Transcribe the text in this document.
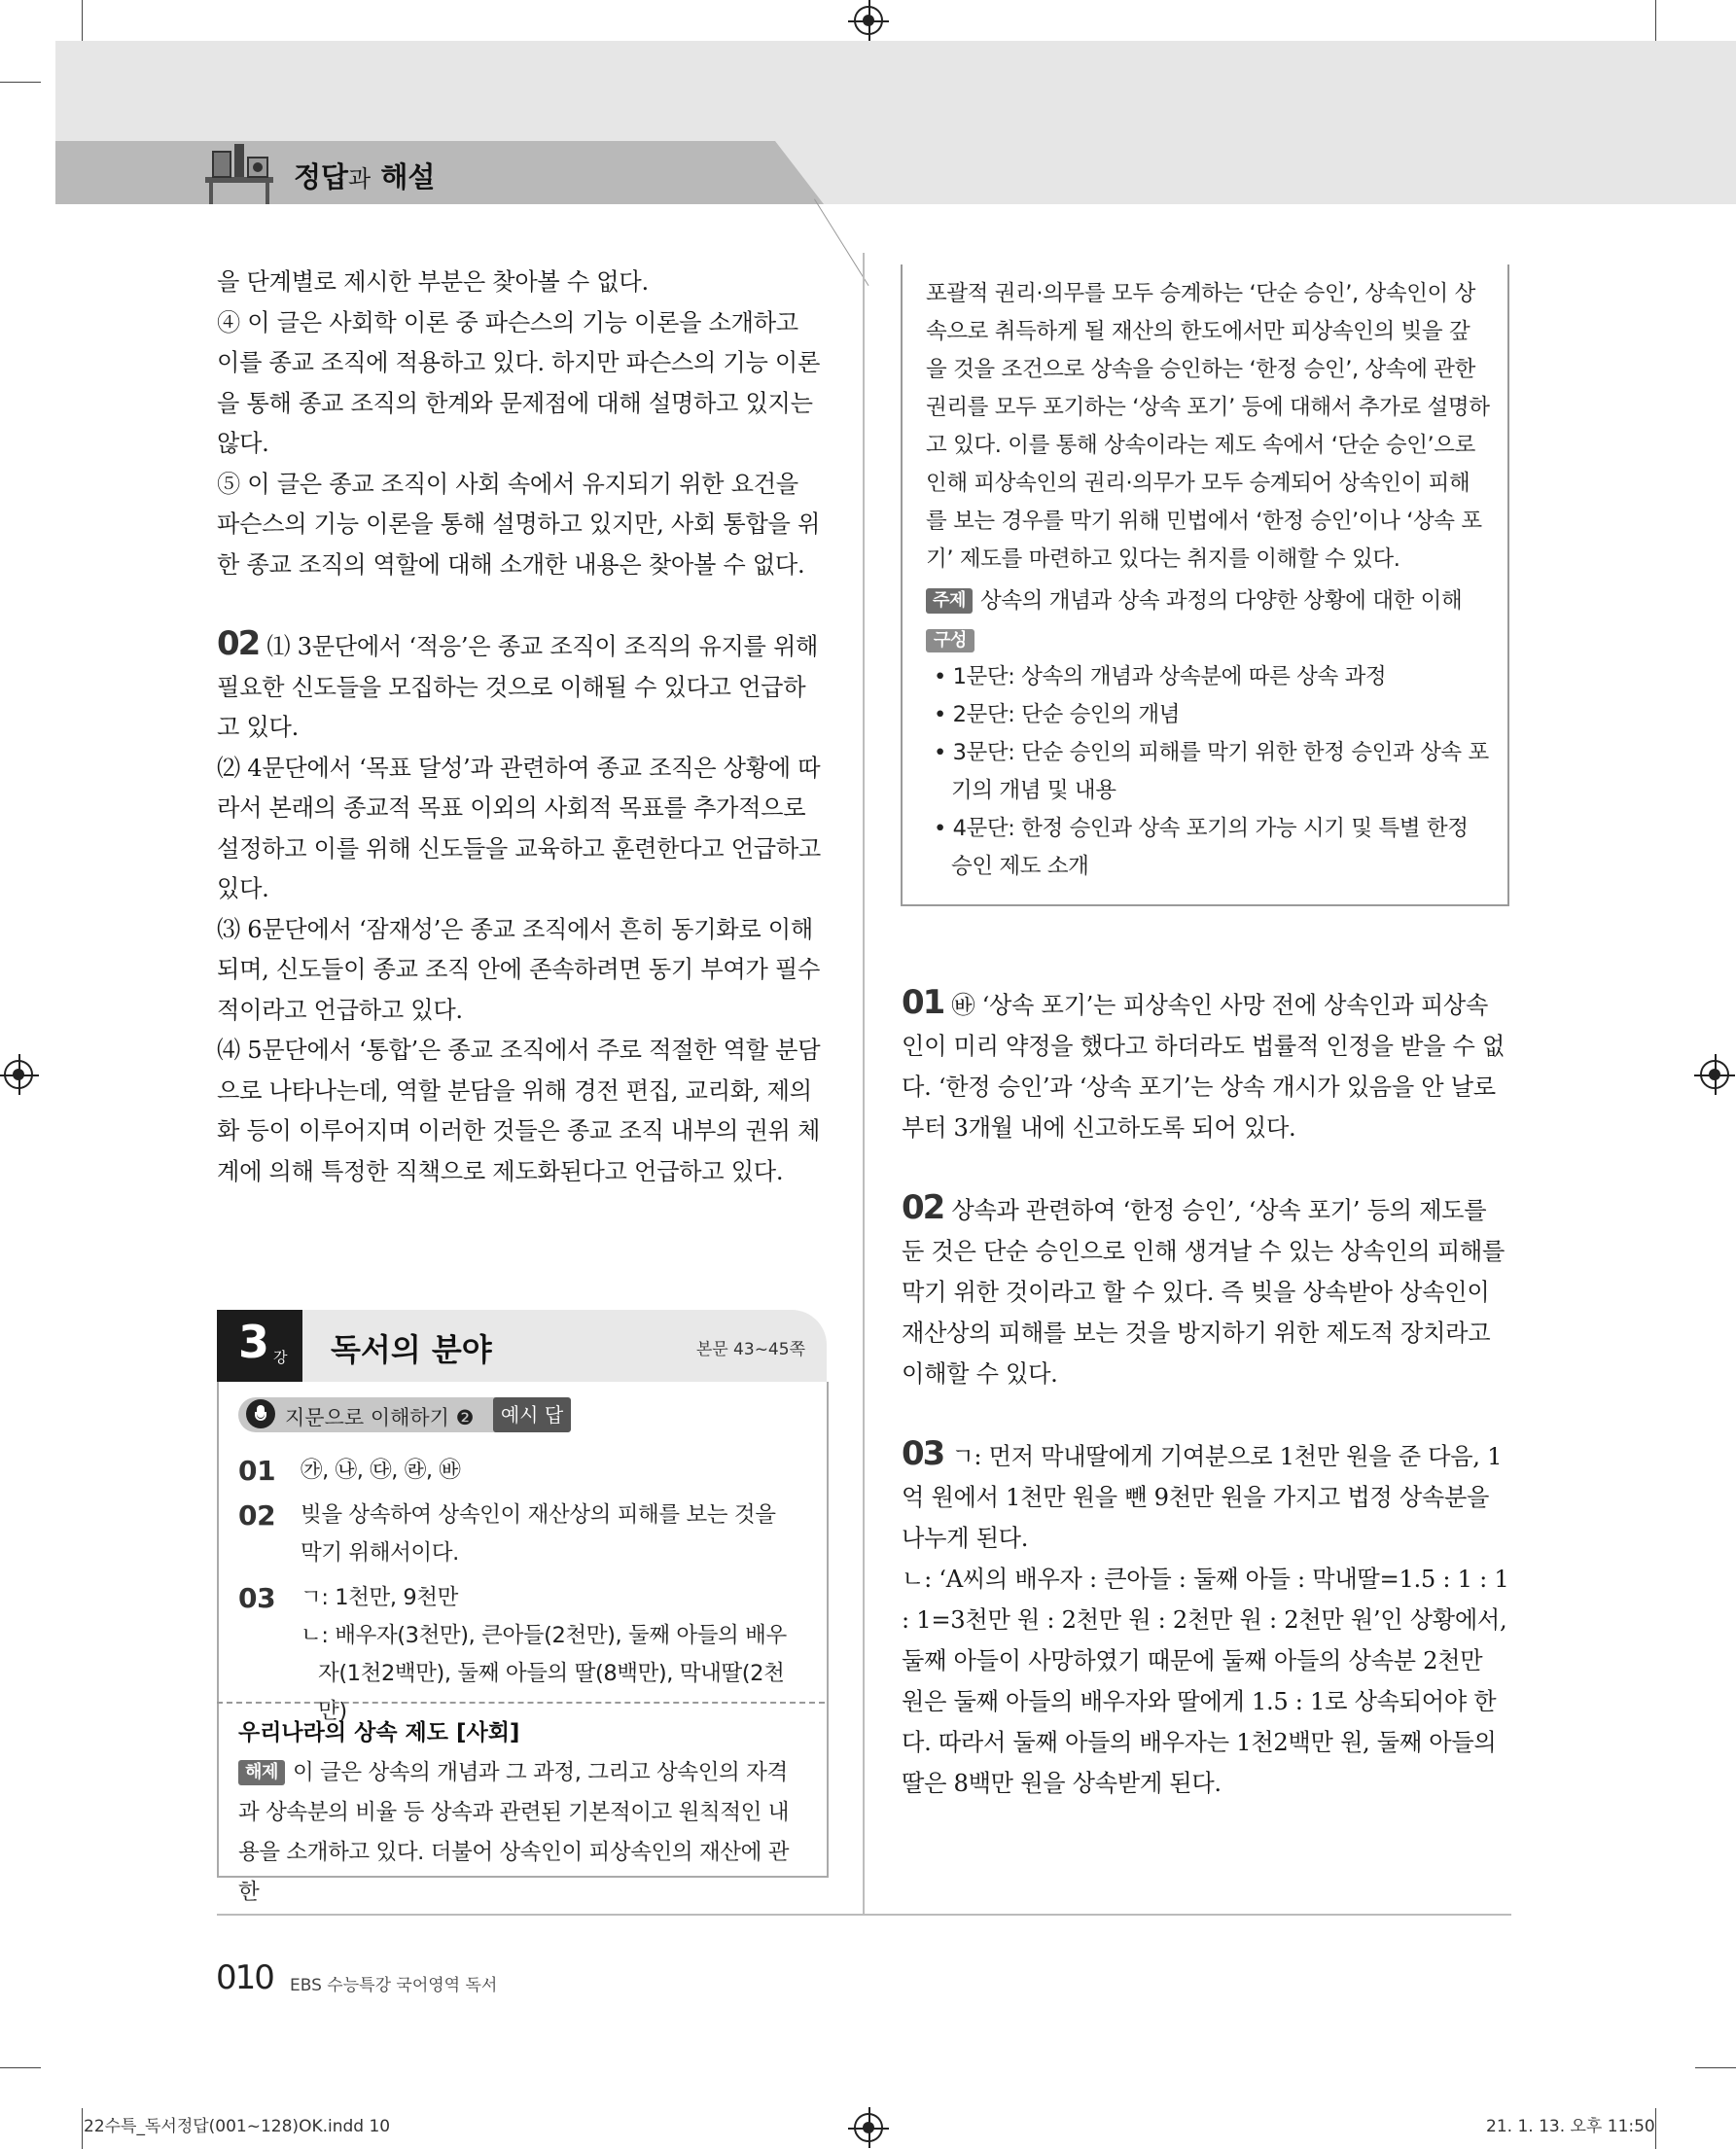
정답과 해설

을 단계별로 제시한 부분은 찾아볼 수 없다.

④ 이 글은 사회학 이론 중 파슨스의 기능 이론을 소개하고 이를 종교 조직에 적용하고 있다. 하지만 파슨스의 기능 이론을 통해 종교 조직의 한계와 문제점에 대해 설명하고 있지는 않다.

⑤ 이 글은 종교 조직이 사회 속에서 유지되기 위한 요건을 파슨스의 기능 이론을 통해 설명하고 있지만, 사회 통합을 위한 종교 조직의 역할에 대해 소개한 내용은 찾아볼 수 없다.

02 ⑴ 3문단에서 ‘적응’은 종교 조직이 조직의 유지를 위해 필요한 신도들을 모집하는 것으로 이해될 수 있다고 언급하고 있다.

⑵ 4문단에서 ‘목표 달성’과 관련하여 종교 조직은 상황에 따라서 본래의 종교적 목표 이외의 사회적 목표를 추가적으로 설정하고 이를 위해 신도들을 교육하고 훈련한다고 언급하고 있다.

⑶ 6문단에서 ‘잠재성’은 종교 조직에서 흔히 동기화로 이해되며, 신도들이 종교 조직 안에 존속하려면 동기 부여가 필수적이라고 언급하고 있다.

⑷ 5문단에서 ‘통합’은 종교 조직에서 주로 적절한 역할 분담으로 나타나는데, 역할 분담을 위해 경전 편집, 교리화, 제의화 등이 이루어지며 이러한 것들은 종교 조직 내부의 권위 체계에 의해 특정한 직책으로 제도화된다고 언급하고 있다.

3 강 독서의 분야	본문 43~45쪽
지문으로 이해하기 ❷	예시 답안
01 ㉮, ㉯, ㉰, ㉱, ㉳
02 빚을 상속하여 상속인이 재산상의 피해를 보는 것을 막기 위해서이다.
03 ㄱ: 1천만, 9천만
ㄴ: 배우자(3천만), 큰아들(2천만), 둘째 아들의 배우자(1천2백만), 둘째 아들의 딸(8백만), 막내딸(2천만)
우리나라의 상속 제도 [사회]
해제 이 글은 상속의 개념과 그 과정, 그리고 상속인의 자격과 상속분의 비율 등 상속과 관련된 기본적이고 원칙적인 내용을 소개하고 있다. 더불어 상속인이 피상속인의 재산에 관한

포괄적 권리·의무를 모두 승계하는 ‘단순 승인’, 상속인이 상속으로 취득하게 될 재산의 한도에서만 피상속인의 빚을 갚을 것을 조건으로 상속을 승인하는 ‘한정 승인’, 상속에 관한 권리를 모두 포기하는 ‘상속 포기’ 등에 대해서 추가로 설명하고 있다. 이를 통해 상속이라는 제도 속에서 ‘단순 승인’으로 인해 피상속인의 권리·의무가 모두 승계되어 상속인이 피해를 보는 경우를 막기 위해 민법에서 ‘한정 승인’이나 ‘상속 포기’ 제도를 마련하고 있다는 취지를 이해할 수 있다.

주제 상속의 개념과 상속 과정의 다양한 상황에 대한 이해

구성

• 1문단: 상속의 개념과 상속분에 따른 상속 과정

• 2문단: 단순 승인의 개념

• 3문단: 단순 승인의 피해를 막기 위한 한정 승인과 상속 포기의 개념 및 내용

• 4문단: 한정 승인과 상속 포기의 가능 시기 및 특별 한정 승인 제도 소개

01 ㉳ ‘상속 포기’는 피상속인 사망 전에 상속인과 피상속인이 미리 약정을 했다고 하더라도 법률적 인정을 받을 수 없다. ‘한정 승인’과 ‘상속 포기’는 상속 개시가 있음을 안 날로부터 3개월 내에 신고하도록 되어 있다.

02 상속과 관련하여 ‘한정 승인’, ‘상속 포기’ 등의 제도를 둔 것은 단순 승인으로 인해 생겨날 수 있는 상속인의 피해를 막기 위한 것이라고 할 수 있다. 즉 빚을 상속받아 상속인이 재산상의 피해를 보는 것을 방지하기 위한 제도적 장치라고 이해할 수 있다.

03 ㄱ: 먼저 막내딸에게 기여분으로 1천만 원을 준 다음, 1억 원에서 1천만 원을 뺀 9천만 원을 가지고 법정 상속분을 나누게 된다.

ㄴ: ‘A씨의 배우자 : 큰아들 : 둘째 아들 : 막내딸=1.5 : 1 : 1 : 1=3천만 원 : 2천만 원 : 2천만 원 : 2천만 원’인 상황에서, 둘째 아들이 사망하였기 때문에 둘째 아들의 상속분 2천만 원은 둘째 아들의 배우자와 딸에게 1.5 : 1로 상속되어야 한다. 따라서 둘째 아들의 배우자는 1천2백만 원, 둘째 아들의 딸은 8백만 원을 상속받게 된다.

010 EBS 수능특강 국어영역 독서
22수특_독서정답(001~128)OK.indd 10	21. 1. 13. 오후 11:50
